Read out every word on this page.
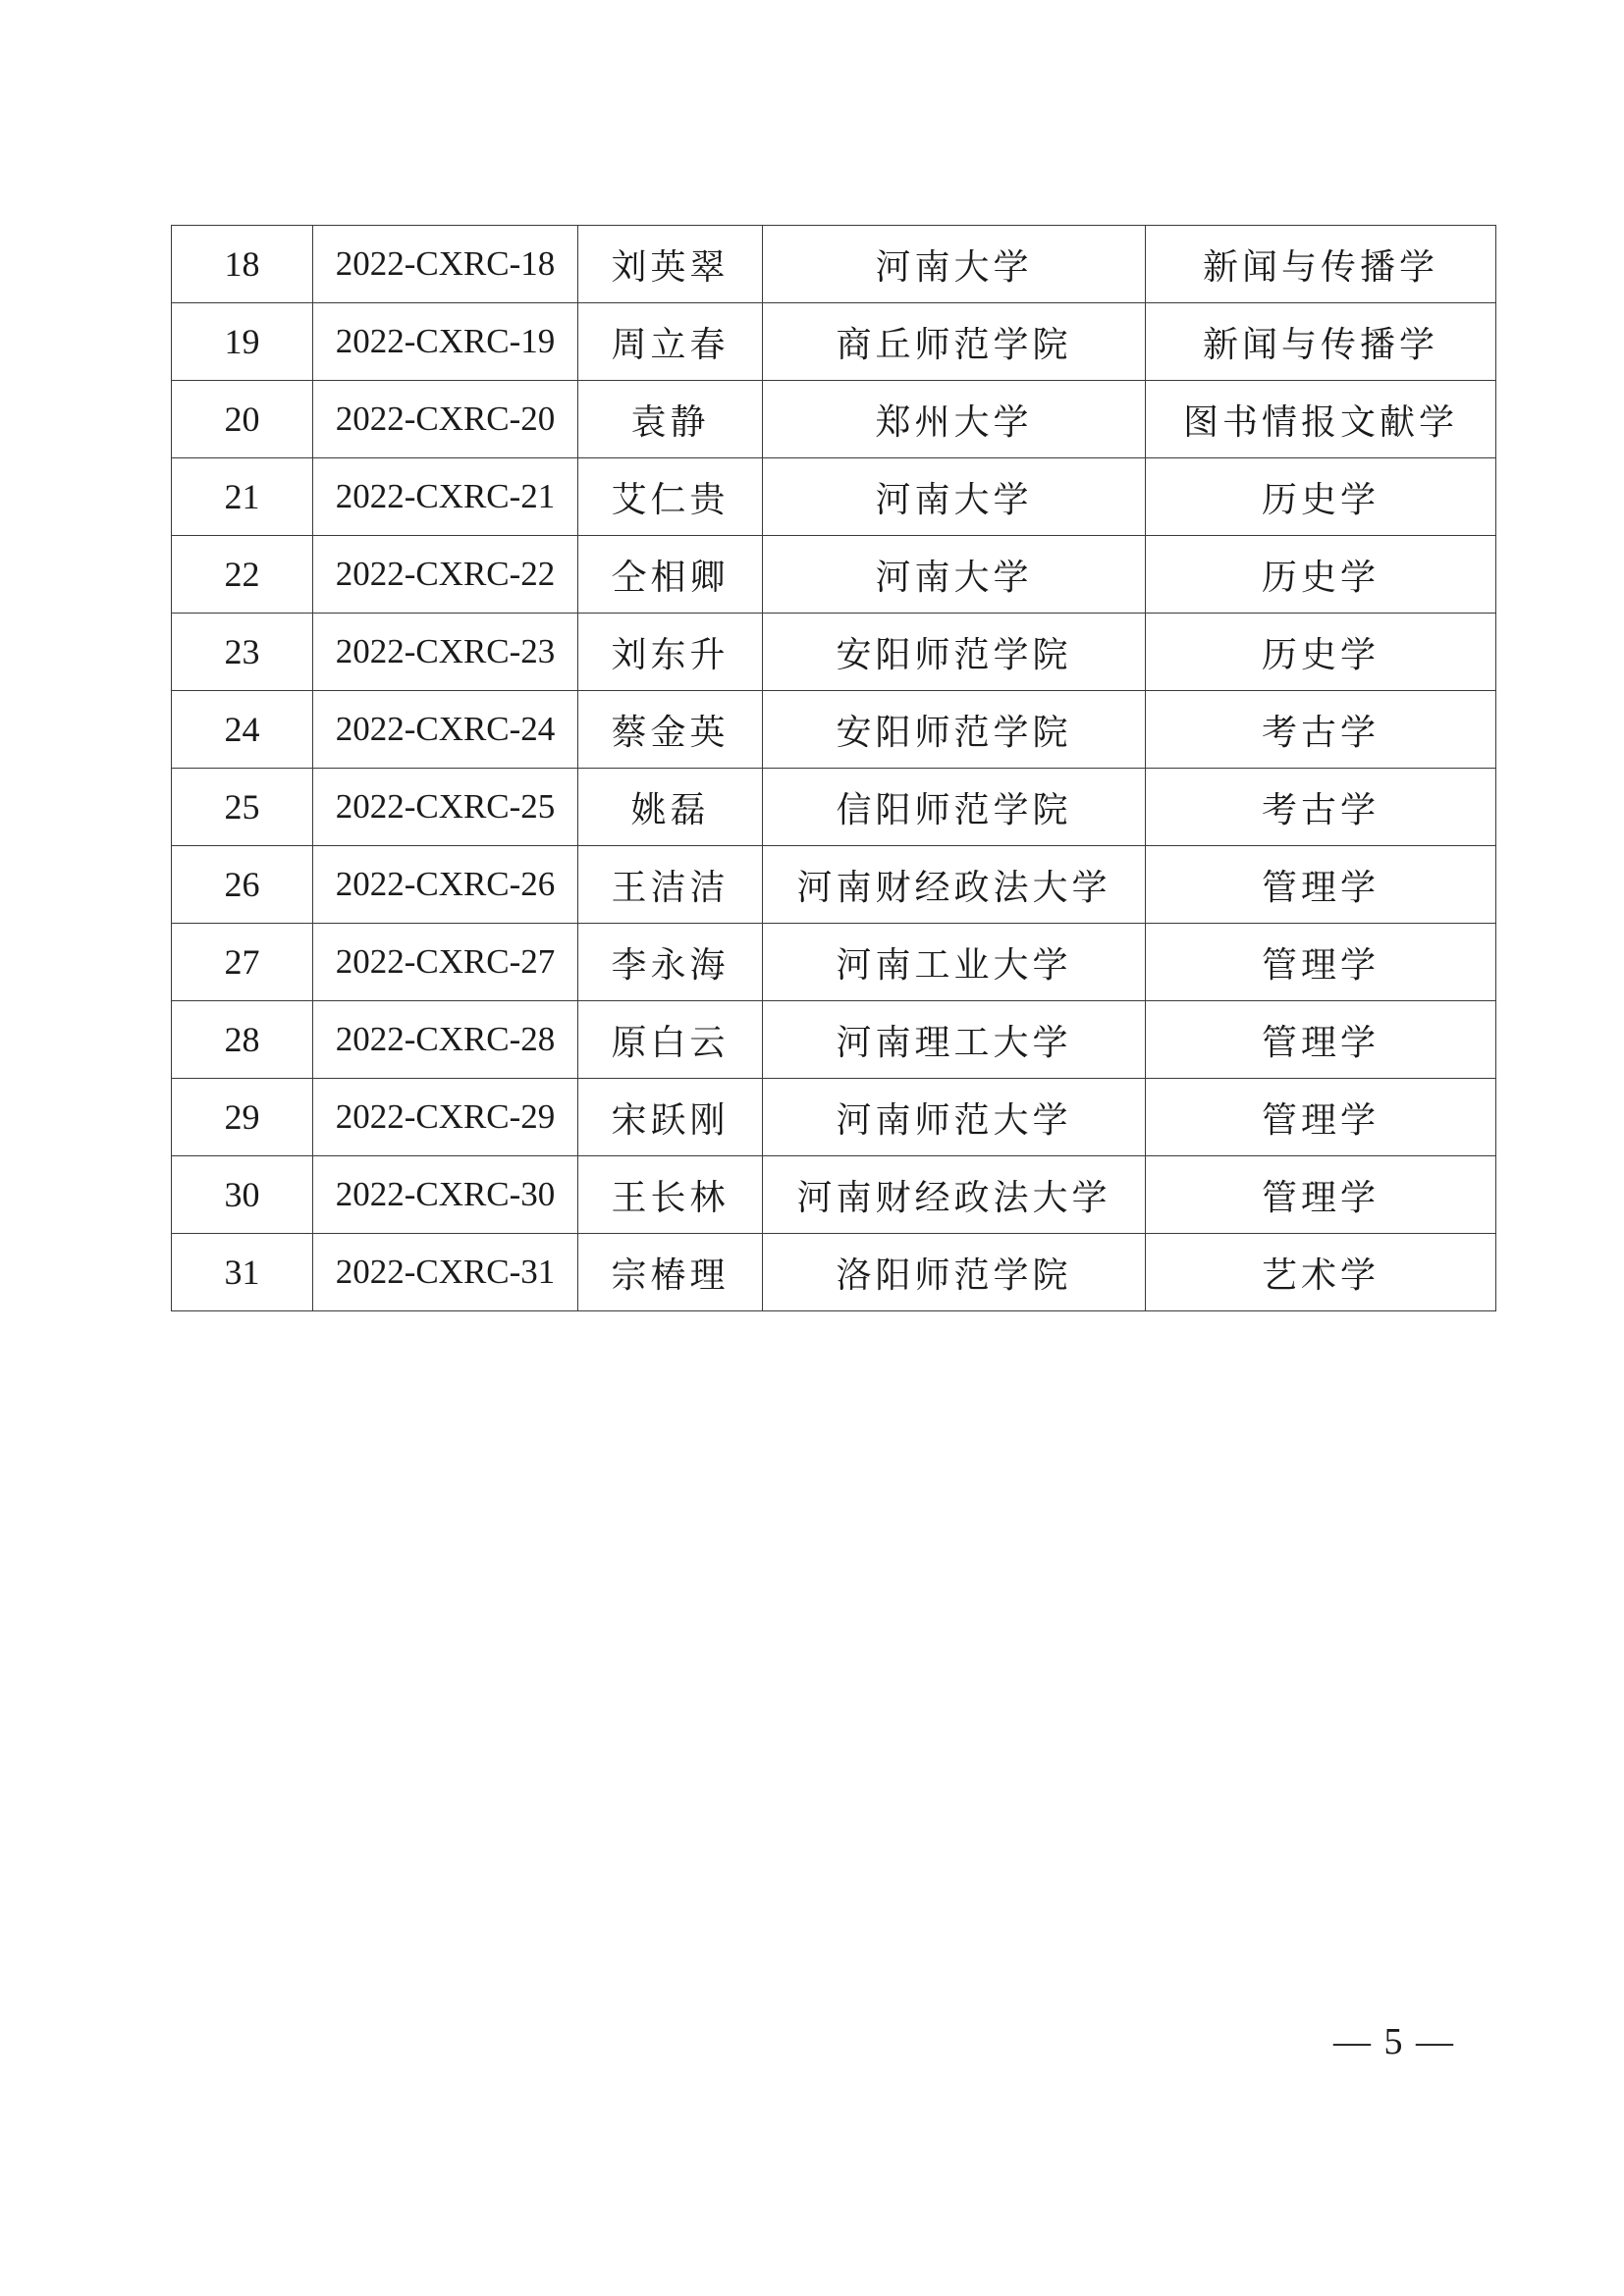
18	2022-CXRC-18	刘英翠	河南大学	新闻与传播学
19	2022-CXRC-19	周立春	商丘师范学院	新闻与传播学
20	2022-CXRC-20	袁静	郑州大学	图书情报文献学
21	2022-CXRC-21	艾仁贵	河南大学	历史学
22	2022-CXRC-22	仝相卿	河南大学	历史学
23	2022-CXRC-23	刘东升	安阳师范学院	历史学
24	2022-CXRC-24	蔡金英	安阳师范学院	考古学
25	2022-CXRC-25	姚磊	信阳师范学院	考古学
26	2022-CXRC-26	王洁洁	河南财经政法大学	管理学
27	2022-CXRC-27	李永海	河南工业大学	管理学
28	2022-CXRC-28	原白云	河南理工大学	管理学
29	2022-CXRC-29	宋跃刚	河南师范大学	管理学
30	2022-CXRC-30	王长林	河南财经政法大学	管理学
31	2022-CXRC-31	宗椿理	洛阳师范学院	艺术学
— 5 —
